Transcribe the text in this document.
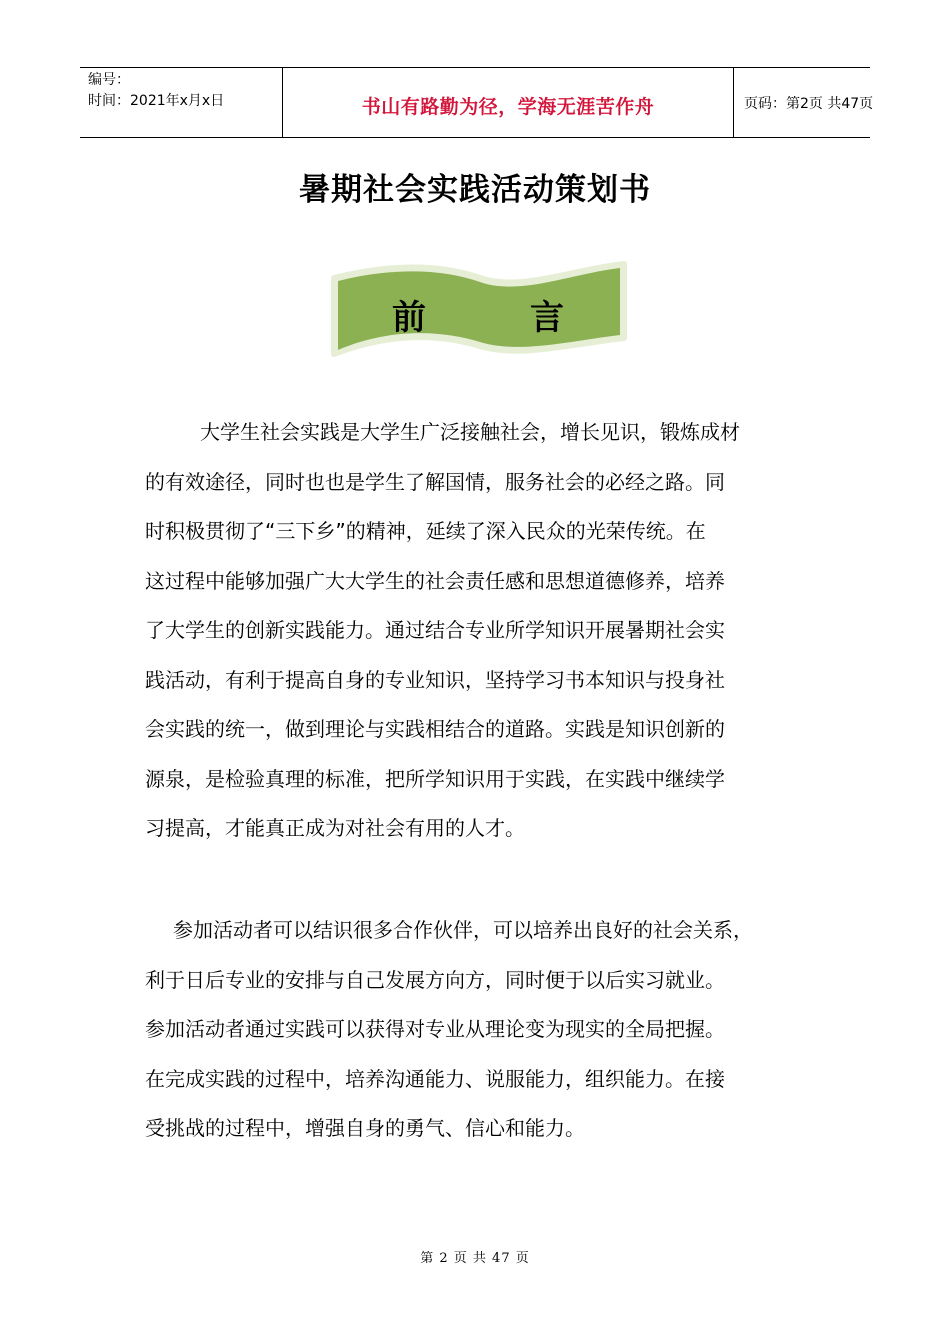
编号：
时间：2021年x月x日	书山有路勤为径，学海无涯苦作舟	页码：第2页 共47页
暑期社会实践活动策划书
前	言
大学生社会实践是大学生广泛接触社会，增长见识，锻炼成材
的有效途径，同时也也是学生了解国情，服务社会的必经之路。同
时积极贯彻了“三下乡”的精神，延续了深入民众的光荣传统。在
这过程中能够加强广大大学生的社会责任感和思想道德修养，培养
了大学生的创新实践能力。通过结合专业所学知识开展暑期社会实
践活动，有利于提高自身的专业知识，坚持学习书本知识与投身社
会实践的统一，做到理论与实践相结合的道路。实践是知识创新的
源泉，是检验真理的标准，把所学知识用于实践，在实践中继续学
习提高，才能真正成为对社会有用的人才。
参加活动者可以结识很多合作伙伴，可以培养出良好的社会关系，
利于日后专业的安排与自己发展方向方，同时便于以后实习就业。
参加活动者通过实践可以获得对专业从理论变为现实的全局把握。
在完成实践的过程中，培养沟通能力、说服能力，组织能力。在接
受挑战的过程中，增强自身的勇气、信心和能力。
第 2 页 共 47 页
